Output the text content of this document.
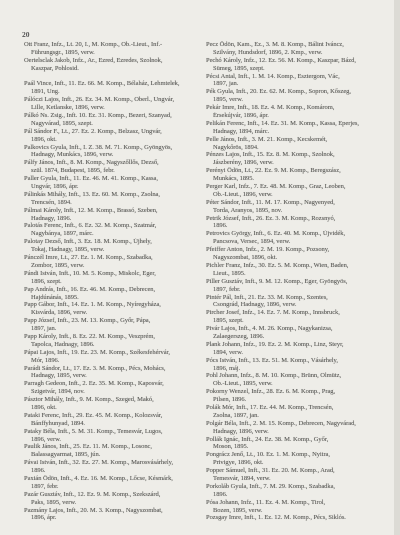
20
Ott Franz, Infz., Lt. 20, I., M. Komp., Ob.-Lieut., Inf.-
Führungsgr., 1895, verw.
Oertelsclak Jakob, Infz., Ar., Ezred, Ezredes, Szolnok,
Kaszpar, Pohlosid.
Paál Vince, Inft., 11. Ez. 66. M. Komp., Bélaház, Lehmtelek,
1891, Ung.
Pálóczi Lajos, Inft., 26. Ez. 34. M. Komp., Oberl., Ungvár,
Lille, Ketlanske, 1896, verw.
Pálkó Ns. Zsig., Inft. 10. Ez. 31. Komp., Bezeri, Szanyad,
Nagyvárad, 1895, szept.
Pál Sándor F., Lt., 27. Ez. 2. Komp., Belzasz, Ungvár,
1896, okt.
Palkovics Gyula, Inft., I. Z. 38. M. 71. Komp., Gyöngyös,
Hadnagy, Munkács, 1896, verw.
Pálfy János, Inft., 8. M. Komp., Nagyszőllős, Dezső,
szül. 1874, Budapest, 1895, febr.
Paller Gyula, Inft., 11. Ez. 46. M. 41. Komp., Kassa,
Ungvár, 1896, ápr.
Pálinkás Mihály, Inft., 13. Ez. 60. M. Komp., Zsolna,
Trencsén, 1894.
Pálmai Károly, Inft., 12. M. Komp., Brassó, Szeben,
Hadnagy, 1896.
Palotás Ferenc, Inft., 6. Ez. 32. M. Komp., Szatmár,
Nagybánya, 1897, márc.
Palotay Dezső, Inft., 3. Ez. 18. M. Komp., Újhely,
Tokaj, Hadnagy, 1895, verw.
Pánczél Imre, Lt., 27. Ez. 1. M. Komp., Szabadka,
Zombor, 1895, verw.
Pándi István, Inft., 10. M. 5. Komp., Miskolc, Eger,
1896, szept.
Pap András, Inft., 16. Ez. 46. M. Komp., Debrecen,
Hajdúnánás, 1895.
Papp Gábor, Inft., 14. Ez. 1. M. Komp., Nyíregyháza,
Kisvárda, 1896, verw.
Papp József, Inft., 23. M. 13. Komp., Győr, Pápa,
1897, jan.
Papp Károly, Inft., 8. Ez. 22. M. Komp., Veszprém,
Tapolca, Hadnagy, 1896.
Pápai Lajos, Inft., 19. Ez. 23. M. Komp., Székesfehérvár,
Mór, 1896.
Parádi Sándor, Lt., 17. Ez. 3. M. Komp., Pécs, Mohács,
Hadnagy, 1895, verw.
Parragh Gedeon, Inft., 2. Ez. 35. M. Komp., Kaposvár,
Szigetvár, 1894, nov.
Pásztor Mihály, Inft., 9. M. Komp., Szeged, Makó,
1896, okt.
Pataki Ferenc, Inft., 29. Ez. 45. M. Komp., Kolozsvár,
Bánffyhunyad, 1894.
Pataky Béla, Inft., 5. M. 31. Komp., Temesvár, Lugos,
1896, verw.
Paulik János, Inft., 25. Ez. 11. M. Komp., Losonc,
Balassagyarmat, 1895, jún.
Pávai István, Inft., 32. Ez. 27. M. Komp., Marosvásárhely,
1896.
Paxián Ödön, Inft., 4. Ez. 16. M. Komp., Lőcse, Késmárk,
1897, febr.
Pazár Gusztáv, Inft., 12. Ez. 9. M. Komp., Szekszárd,
Paks, 1895, verw.
Pazmány Lajos, Inft., 20. M. 3. Komp., Nagyszombat,
1896, ápr.
Pecz Ödön, Kam., Ez., 3. M. 8. Komp., Bálint Iváncz,
Szilvány, Hundsdorf, 1896, 2. Kmp., verw.
Pechó Károly, Infz., 12. Ez. 56. M. Komp., Kaszpar, Bázd,
Sümeg, 1895, szept.
Pécsi Antal, Inft., 1. M. 14. Komp., Esztergom, Vác,
1897, jan.
Pék Gyula, Inft., 20. Ez. 62. M. Komp., Sopron, Kőszeg,
1895, verw.
Pekár Imre, Inft., 18. Ez. 4. M. Komp., Komárom,
Érsekújvár, 1896, ápr.
Pelikán Ferenc, Inft., 14. Ez. 31. M. Komp., Kassa, Eperjes,
Hadnagy, 1894, márc.
Pelle János, Inft., 3. M. 21. Komp., Kecskemét,
Nagykőrös, 1894.
Pénzes Lajos, Inft., 15. Ez. 8. M. Komp., Szolnok,
Jászberény, 1896, verw.
Perényi Ödön, Lt., 22. Ez. 9. M. Komp., Beregszász,
Munkács, 1895.
Perger Karl, Infz., 7. Ez. 48. M. Komp., Graz, Leoben,
Ob.-Lieut., 1896, verw.
Péter Sándor, Inft., 11. M. 17. Komp., Nagyenyed,
Torda, Aranyos, 1895, nov.
Petrik József, Inft., 26. Ez. 3. M. Komp., Rozsnyó,
1896.
Petrovics György, Inft., 6. Ez. 40. M. Komp., Újvidék,
Pancsova, Versec, 1894, verw.
Pfeiffer Anton, Infz., 2. M. 19. Komp., Pozsony,
Nagyszombat, 1896, okt.
Pichler Franz, Infz., 30. Ez. 5. M. Komp., Wien, Baden,
Lieut., 1895.
Piller Gusztáv, Inft., 9. M. 12. Komp., Eger, Gyöngyös,
1897, febr.
Pintér Pál, Inft., 21. Ez. 33. M. Komp., Szentes,
Csongrád, Hadnagy, 1896, verw.
Pircher Josef, Infz., 14. Ez. 7. M. Komp., Innsbruck,
1895, szept.
Pivár Lajos, Inft., 4. M. 26. Komp., Nagykanizsa,
Zalaegerszeg, 1896.
Plank Johann, Infz., 19. Ez. 2. M. Komp., Linz, Steyr,
1894, verw.
Pócs István, Inft., 13. Ez. 51. M. Komp., Vásárhely,
1896, máj.
Pohl Johann, Infz., 8. M. 10. Komp., Brünn, Olmütz,
Ob.-Lieut., 1895, verw.
Pokorny Wenzel, Infz., 28. Ez. 6. M. Komp., Prag,
Pilsen, 1896.
Polák Mór, Inft., 17. Ez. 44. M. Komp., Trencsén,
Zsolna, 1897, jan.
Polgár Béla, Inft., 2. M. 15. Komp., Debrecen, Nagyvárad,
Hadnagy, 1896, verw.
Pollák Ignác, Inft., 24. Ez. 38. M. Komp., Győr,
Moson, 1895.
Pongrácz Jenő, Lt., 10. Ez. 1. M. Komp., Nyitra,
Privigye, 1896, okt.
Popper Sámuel, Inft., 31. Ez. 20. M. Komp., Arad,
Temesvár, 1894, verw.
Porkoláb Gyula, Inft., 7. M. 29. Komp., Szabadka,
1896.
Pósa Johann, Infz., 11. Ez. 4. M. Komp., Tirol,
Bozen, 1895, verw.
Pozsgay Imre, Inft., 1. Ez. 12. M. Komp., Pécs, Siklós.
